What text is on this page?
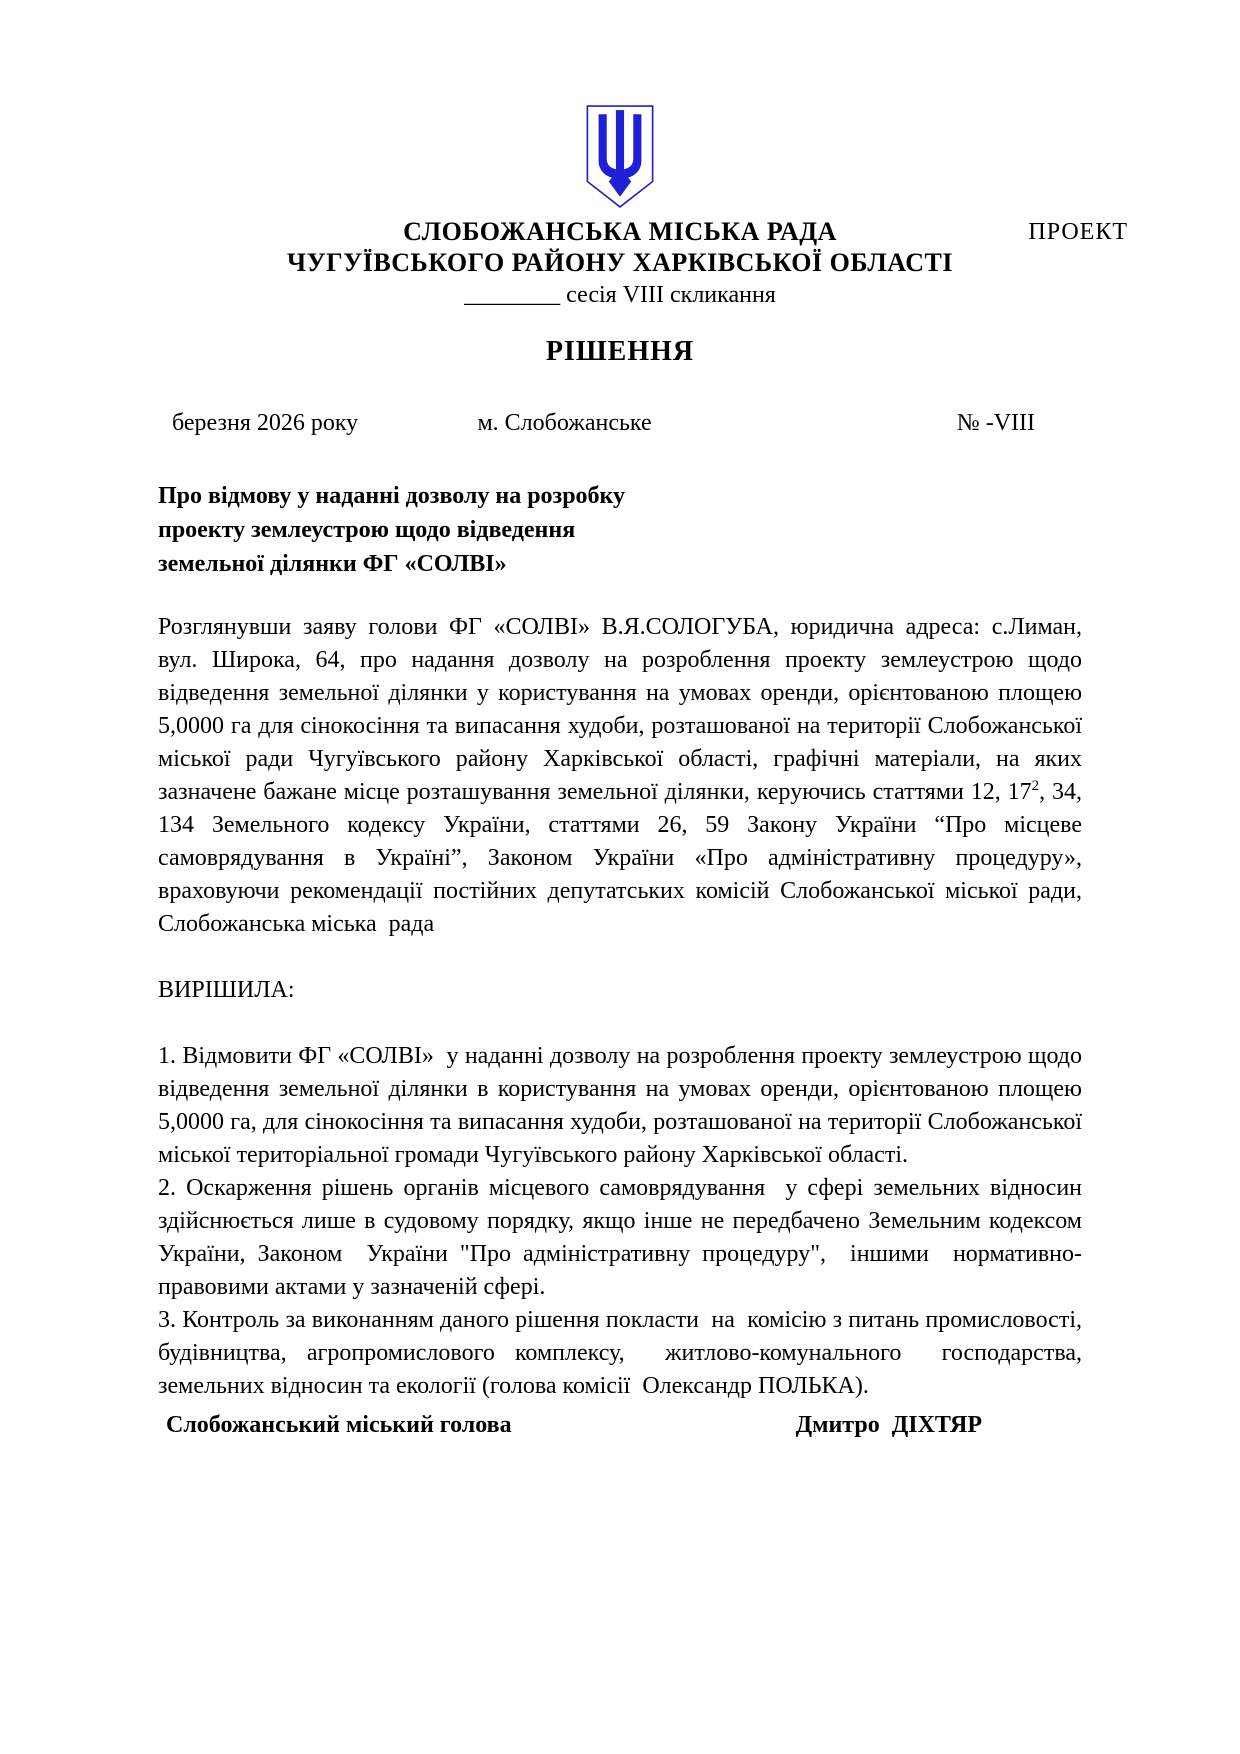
ПРОЕКТ
СЛОБОЖАНСЬКА МІСЬКА РАДА
ЧУГУЇВСЬКОГО РАЙОНУ ХАРКІВСЬКОЇ ОБЛАСТІ
________ сесія VIII скликання
РІШЕННЯ
березня 2026 року	м. Слобожанське	№ -VIII
Про відмову у наданні дозволу на розробку
проекту землеустрою щодо відведення
земельної ділянки ФГ «СОЛВІ»

Розглянувши заяву голови ФГ «СОЛВІ» В.Я.СОЛОГУБА, юридична адреса: с.Лиман, вул. Широка, 64, про надання дозволу на розроблення проекту землеустрою щодо відведення земельної ділянки у користування на умовах оренди, орієнтованою площею 5,0000 га для сінокосіння та випасання худоби, розташованої на території Слобожанської міської ради Чугуївського району Харківської області, графічні матеріали, на яких зазначене бажане місце розташування земельної ділянки, керуючись статтями 12, 17$^2$, 34, 134 Земельного кодексу України, статтями 26, 59 Закону України “Про місцеве самоврядування в Україні”, Законом України «Про адміністративну процедуру», враховуючи рекомендації постійних депутатських комісій Слобожанської міської ради, Слобожанська міська  рада

ВИРІШИЛА:

1. Відмовити ФГ «СОЛВІ»  у наданні дозволу на розроблення проекту землеустрою щодо відведення земельної ділянки в користування на умовах оренди, орієнтованою площею 5,0000 га, для сінокосіння та випасання худоби, розташованої на території Слобожанської міської територіальної громади Чугуївського району Харківської області.

2. Оскарження рішень органів місцевого самоврядування  у сфері земельних відносин здійснюється лише в судовому порядку, якщо інше не передбачено Земельним кодексом України, Законом  України "Про адміністративну процедуру",  іншими  нормативно-правовими актами у зазначеній сфері.

3. Контроль за виконанням даного рішення покласти  на  комісію з питань промисловості, будівництва, агропромислового комплексу,  житлово-комунального  господарства, земельних відносин та екології (голова комісії  Олександр ПОЛЬКА).

Слобожанський міський голова	Дмитро  ДІХТЯР
